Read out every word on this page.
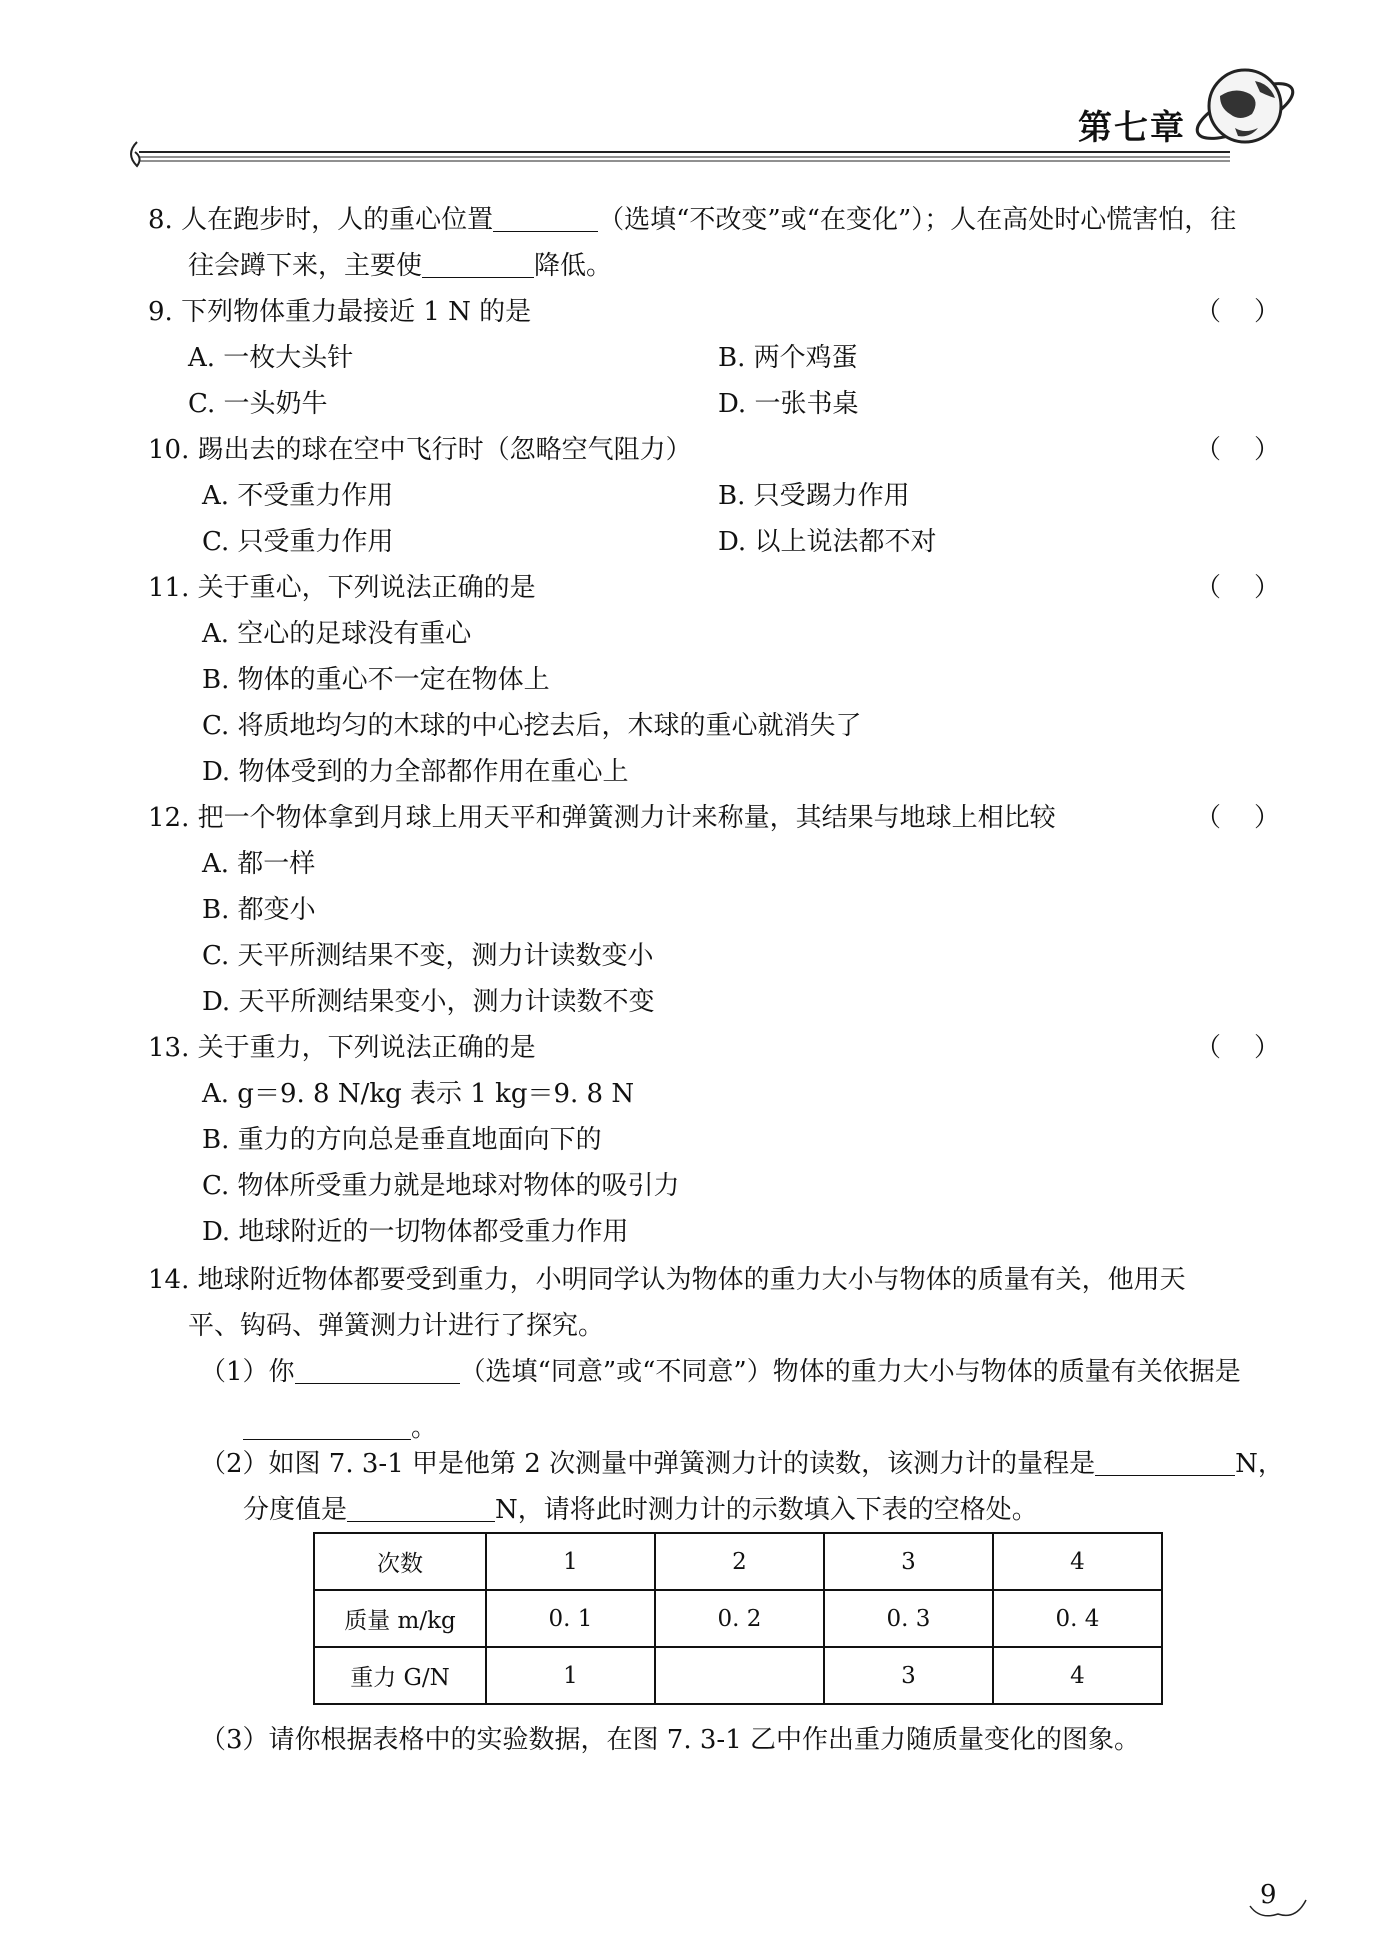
第七章
8. 人在跑步时，人的重心位置	（选填“不改变”或“在变化”）；人在高处时心慌害怕，往
往会蹲下来，主要使	降低。
9. 下列物体重力最接近 1 N 的是	（ ）
A. 一枚大头针	B. 两个鸡蛋
C. 一头奶牛	D. 一张书桌
10. 踢出去的球在空中飞行时（忽略空气阻力）	（ ）
A. 不受重力作用	B. 只受踢力作用
C. 只受重力作用	D. 以上说法都不对
11. 关于重心，下列说法正确的是	（ ）
A. 空心的足球没有重心
B. 物体的重心不一定在物体上
C. 将质地均匀的木球的中心挖去后，木球的重心就消失了
D. 物体受到的力全部都作用在重心上
12. 把一个物体拿到月球上用天平和弹簧测力计来称量，其结果与地球上相比较	（ ）
A. 都一样
B. 都变小
C. 天平所测结果不变，测力计读数变小
D. 天平所测结果变小，测力计读数不变
13. 关于重力，下列说法正确的是	（ ）
A. g＝9. 8 N/kg 表示 1 kg＝9. 8 N
B. 重力的方向总是垂直地面向下的
C. 物体所受重力就是地球对物体的吸引力
D. 地球附近的一切物体都受重力作用
14. 地球附近物体都要受到重力，小明同学认为物体的重力大小与物体的质量有关，他用天
平、钩码、弹簧测力计进行了探究。
（1）你	（选填“同意”或“不同意”）物体的重力大小与物体的质量有关依据是
。
（2）如图 7. 3-1 甲是他第 2 次测量中弹簧测力计的读数，该测力计的量程是	N，
分度值是	N，请将此时测力计的示数填入下表的空格处。
次数	1	2	3	4
质量 m/kg	0. 1	0. 2	0. 3	0. 4
重力 G/N	1		3	4
（3）请你根据表格中的实验数据，在图 7. 3-1 乙中作出重力随质量变化的图象。
9
